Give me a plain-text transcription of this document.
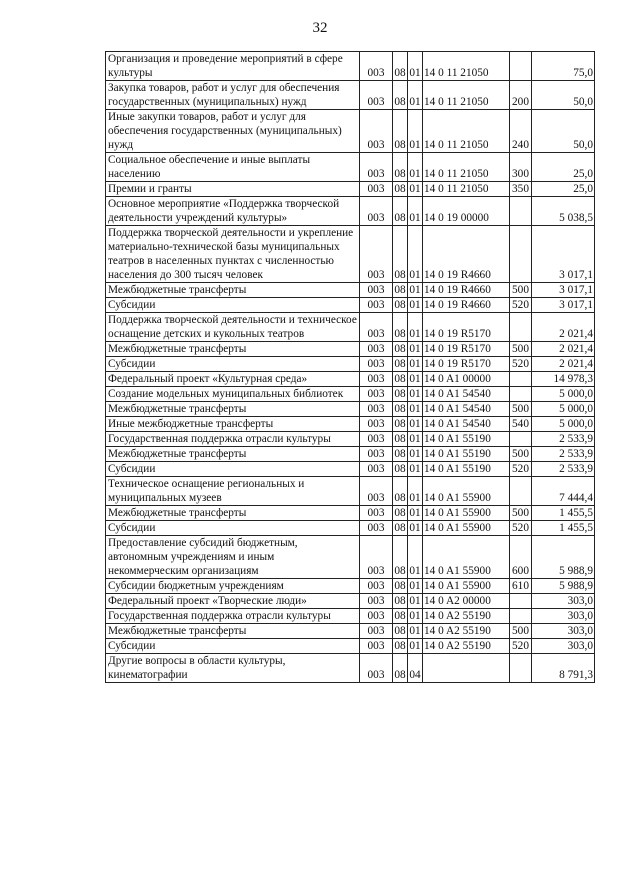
32
Организация и проведение мероприятий в сфере культуры	003	08	01	14 0 11 21050		75,0
Закупка товаров, работ и услуг для обеспечения государственных (муниципальных) нужд	003	08	01	14 0 11 21050	200	50,0
Иные закупки товаров, работ и услуг для обеспечения государственных (муниципальных) нужд	003	08	01	14 0 11 21050	240	50,0
Социальное обеспечение и иные выплаты населению	003	08	01	14 0 11 21050	300	25,0
Премии и гранты	003	08	01	14 0 11 21050	350	25,0
Основное мероприятие «Поддержка творческой деятельности учреждений культуры»	003	08	01	14 0 19 00000		5 038,5
Поддержка творческой деятельности и укрепление материально-технической базы муниципальных театров в населенных пунктах с численностью населения до 300 тысяч человек	003	08	01	14 0 19 R4660		3 017,1
Межбюджетные трансферты	003	08	01	14 0 19 R4660	500	3 017,1
Субсидии	003	08	01	14 0 19 R4660	520	3 017,1
Поддержка творческой деятельности и техническое оснащение детских и кукольных театров	003	08	01	14 0 19 R5170		2 021,4
Межбюджетные трансферты	003	08	01	14 0 19 R5170	500	2 021,4
Субсидии	003	08	01	14 0 19 R5170	520	2 021,4
Федеральный проект «Культурная среда»	003	08	01	14 0 A1 00000		14 978,3
Создание модельных муниципальных библиотек	003	08	01	14 0 A1 54540		5 000,0
Межбюджетные трансферты	003	08	01	14 0 A1 54540	500	5 000,0
Иные межбюджетные трансферты	003	08	01	14 0 A1 54540	540	5 000,0
Государственная поддержка отрасли культуры	003	08	01	14 0 A1 55190		2 533,9
Межбюджетные трансферты	003	08	01	14 0 A1 55190	500	2 533,9
Субсидии	003	08	01	14 0 A1 55190	520	2 533,9
Техническое оснащение региональных и муниципальных музеев	003	08	01	14 0 A1 55900		7 444,4
Межбюджетные трансферты	003	08	01	14 0 A1 55900	500	1 455,5
Субсидии	003	08	01	14 0 A1 55900	520	1 455,5
Предоставление субсидий бюджетным, автономным учреждениям и иным некоммерческим организациям	003	08	01	14 0 A1 55900	600	5 988,9
Субсидии бюджетным учреждениям	003	08	01	14 0 A1 55900	610	5 988,9
Федеральный проект «Творческие люди»	003	08	01	14 0 A2 00000		303,0
Государственная поддержка отрасли культуры	003	08	01	14 0 A2 55190		303,0
Межбюджетные трансферты	003	08	01	14 0 A2 55190	500	303,0
Субсидии	003	08	01	14 0 A2 55190	520	303,0
Другие вопросы в области культуры, кинематографии	003	08	04			8 791,3
